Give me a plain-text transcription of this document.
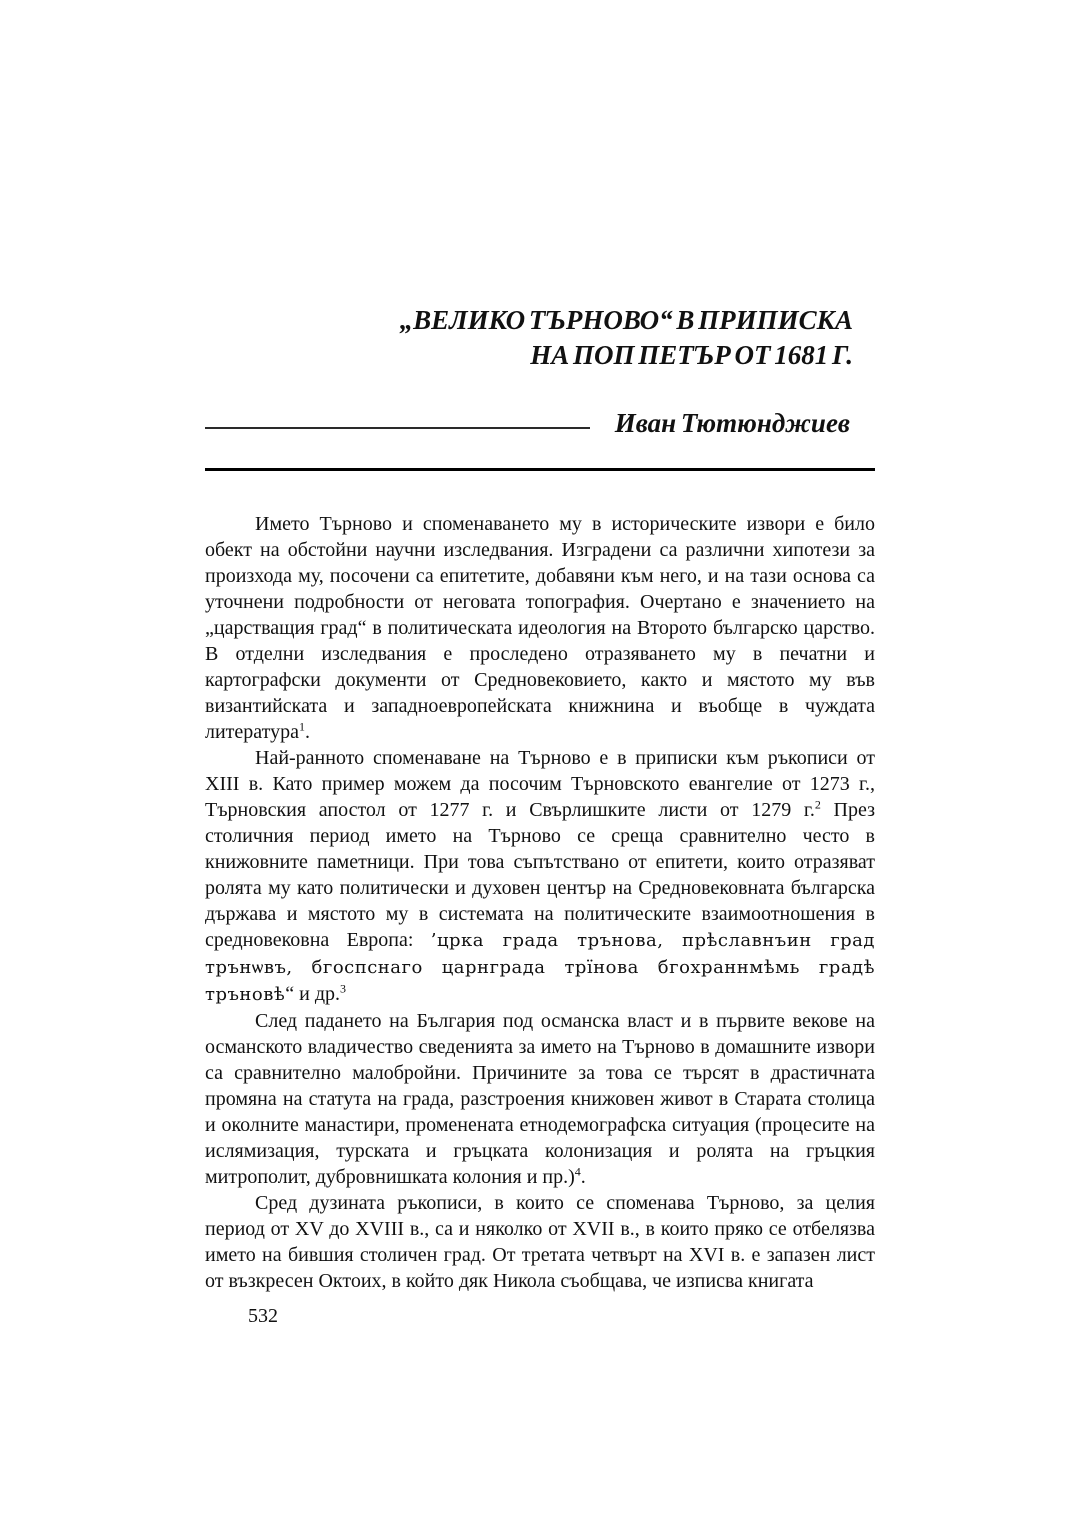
„ВЕЛИКО ТЪРНОВО“ В ПРИПИСКА
НА ПОП ПЕТЪР ОТ 1681 Г.
Иван Тютюнджиев

Името Търново и споменаването му в историческите извори е било обект на обстойни научни изследвания. Изградени са различни хипотези за произхода му, посочени са епитетите, добавяни към него, и на тази основа са уточнени подробности от неговата топография. Очертано е значението на „царстващия град“ в политическата идеология на Второто българско царство. В отделни изследвания е проследено отразяването му в печатни и картографски документи от Средновековието, както и мястото му във византийската и западноевропейската книжнина и въобще в чуждата литература$^1$.

Най-ранното споменаване на Търново е в приписки към ръкописи от XIII в. Като пример можем да посочим Търновското евангелие от 1273 г., Търновския апостол от 1277 г. и Свърлишките листи от 1279 г.$^2$ През столичния период името на Търново се среща сравнително често в книжовните паметници. При това съпътствано от епитети, които отразяват ролята му като политически и духовен център на Средновековната българска държава и мястото му в системата на политическите взаимоотношения в средновековна Европа: ’црка града трънова, прѣславнъин град трънѡвъ, бгоспснаго царнграда трїнова бгохраннмѣмь градѣ тръновѣ“ и др.$^3$

След падането на България под османска власт и в първите векове на османското владичество сведенията за името на Търново в домашните извори са сравнително малобройни. Причините за това се търсят в драстичната промяна на статута на града, разстроения книжовен живот в Старата столица и околните манастири, променената етнодемографска ситуация (процесите на ислямизация, турската и гръцката колонизация и ролята на гръцкия митрополит, дубровнишката колония и пр.)$^4$.

Сред дузината ръкописи, в които се споменава Търново, за целия период от XV до XVIII в., са и няколко от XVII в., в които пряко се отбелязва името на бившия столичен град. От третата четвърт на XVI в. е запазен лист от възкресен Октоих, в който дяк Никола съобщава, че изписва книгата

532
